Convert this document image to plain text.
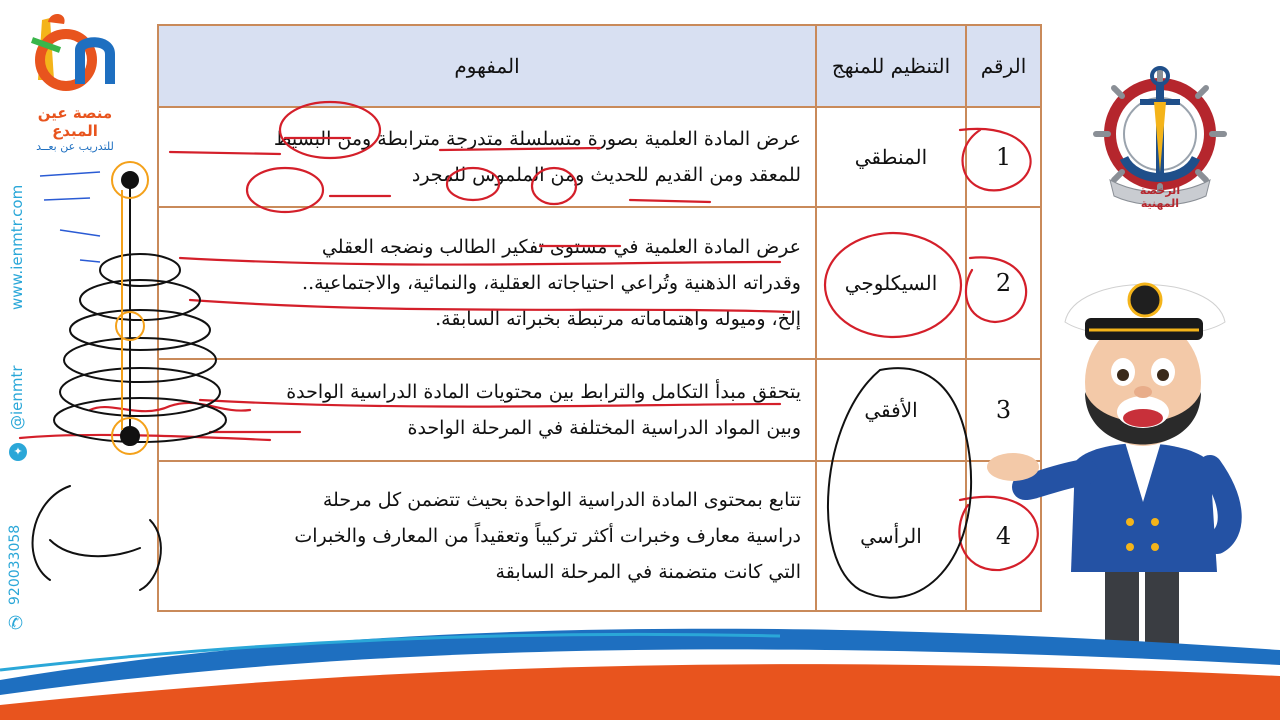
منصة عين المبدع
للتدريب عن بعــد
www.ienmtr.com
@ienmtr
✦
920033058
✆
الرقم	التنظيم للمنهج	المفهوم
1	المنطقي	عرض المادة العلمية بصورة متسلسلة متدرجة مترابطة ومن البسيط
للمعقد ومن القديم للحديث ومن الملموس للمجرد

2	السيكلوجي	عرض المادة العلمية في مستوى تفكير الطالب ونضجه العقلي
وقدراته الذهنية وتُراعي احتياجاته العقلية، والنمائية، والاجتماعية..
إلخ، وميوله واهتماماته مرتبطة بخبراته السابقة.

3	الأفقي	يتحقق مبدأ التكامل والترابط بين محتويات المادة الدراسية الواحدة
وبين المواد الدراسية المختلفة في المرحلة الواحدة

4	الرأسي	تتابع بمحتوى المادة الدراسية الواحدة بحيث تتضمن كل مرحلة
دراسية معارف وخبرات أكثر تركيباً وتعقيداً من المعارف والخبرات
التي كانت متضمنة في المرحلة السابقة
الرخصة المهنية
